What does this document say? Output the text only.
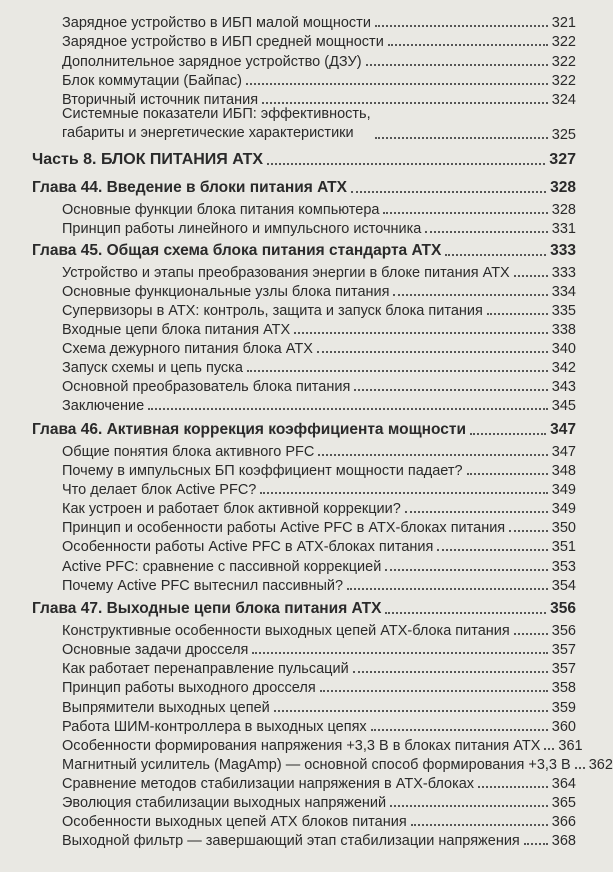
Зарядное устройство в ИБП малой мощности	321
Зарядное устройство в ИБП средней мощности	322
Дополнительное зарядное устройство (ДЗУ)	322
Блок коммутации (Байпас)	322
Вторичный источник питания	324
Системные показатели ИБП: эффективность,
габариты и энергетические характеристики	325
Часть 8. БЛОК ПИТАНИЯ ATX	327
Глава 44. Введение в блоки питания ATX	328
Основные функции блока питания компьютера	328
Принцип работы линейного и импульсного источника	331
Глава 45. Общая схема блока питания стандарта ATX	333
Устройство и этапы преобразования энергии в блоке питания ATX	333
Основные функциональные узлы блока питания	334
Супервизоры в ATX: контроль, защита и запуск блока питания	335
Входные цепи блока питания ATX	338
Схема дежурного питания блока ATX	340
Запуск схемы и цепь пуска	342
Основной преобразователь блока питания	343
Заключение	345
Глава 46. Активная коррекция коэффициента мощности	347
Общие понятия блока активного PFC	347
Почему в импульсных БП коэффициент мощности падает?	348
Что делает блок Active PFC?	349
Как устроен и работает блок активной коррекции?	349
Принцип и особенности работы Active PFC в ATX-блоках питания	350
Особенности работы Active PFC в ATX-блоках питания	351
Active PFC: сравнение с пассивной коррекцией	353
Почему Active PFC вытеснил пассивный?	354
Глава 47. Выходные цепи блока питания ATX	356
Конструктивные особенности выходных цепей ATX-блока питания	356
Основные задачи дросселя	357
Как работает перенаправление пульсаций	357
Принцип работы выходного дросселя	358
Выпрямители выходных цепей	359
Работа ШИМ-контроллера в выходных цепях	360
Особенности формирования напряжения +3,3 В в блоках питания ATX 361
Магнитный усилитель (MagAmp) — основной способ формирования +3,3 В 362
Сравнение методов стабилизации напряжения в ATX-блоках	364
Эволюция стабилизации выходных напряжений	365
Особенности выходных цепей ATX блоков питания	366
Выходной фильтр — завершающий этап стабилизации напряжения 368
